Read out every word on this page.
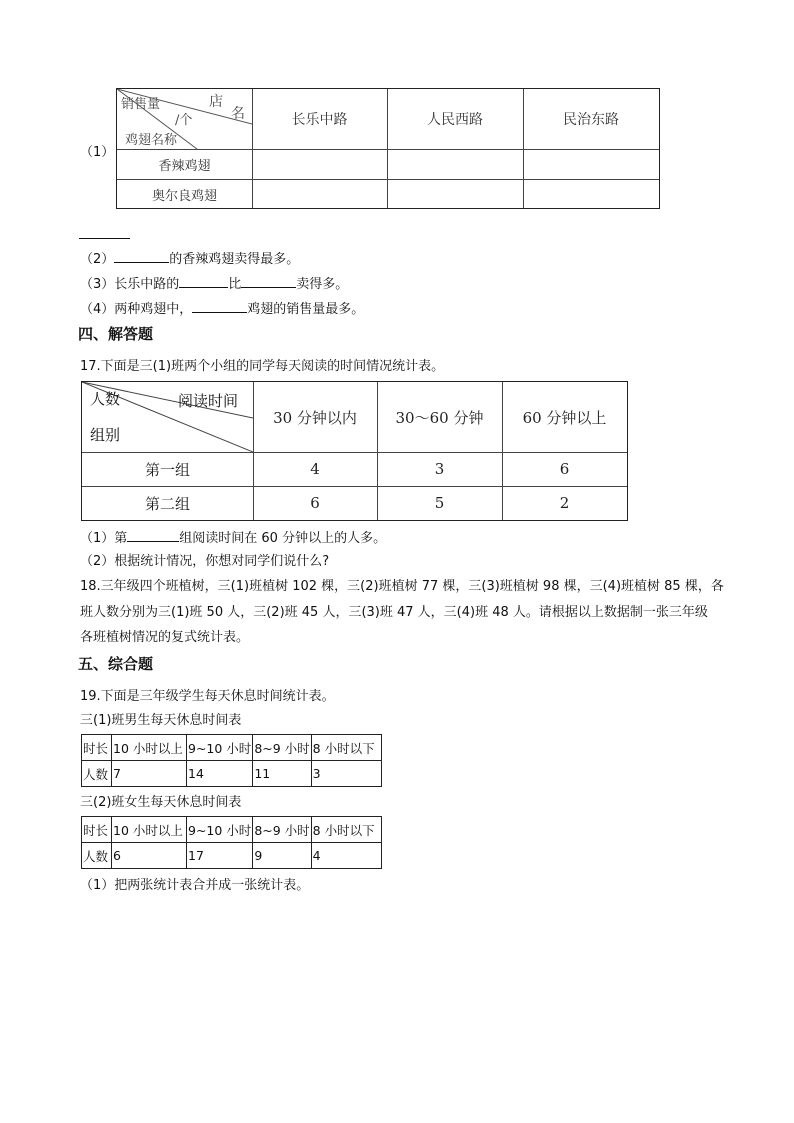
（1）
销售量
/个
店
名
鸡翅名称
长乐中路	人民西路	民治东路
香辣鸡翅
奥尔良鸡翅
（2）	的香辣鸡翅卖得最多。
（3）长乐中路的	比	卖得多。
（4）两种鸡翅中，	鸡翅的销售量最多。
四、解答题
17.下面是三(1)班两个小组的同学每天阅读的时间情况统计表。
人数	阅读时间
组别
30 分钟以内	30～60 分钟	60 分钟以上
第一组	4	3	6
第二组	6	5	2
（1）第	组阅读时间在 60 分钟以上的人多。
（2）根据统计情况，你想对同学们说什么?
18.三年级四个班植树，三(1)班植树 102 棵，三(2)班植树 77 棵，三(3)班植树 98 棵，三(4)班植树 85 棵，各
班人数分别为三(1)班 50 人，三(2)班 45 人，三(3)班 47 人，三(4)班 48 人。请根据以上数据制一张三年级
各班植树情况的复式统计表。
五、综合题
19.下面是三年级学生每天休息时间统计表。
三(1)班男生每天休息时间表
时长	10 小时以上	9~10 小时	8~9 小时	8 小时以下
人数	7	14	11	3
三(2)班女生每天休息时间表
时长	10 小时以上	9~10 小时	8~9 小时	8 小时以下
人数	6	17	9	4
（1）把两张统计表合并成一张统计表。
